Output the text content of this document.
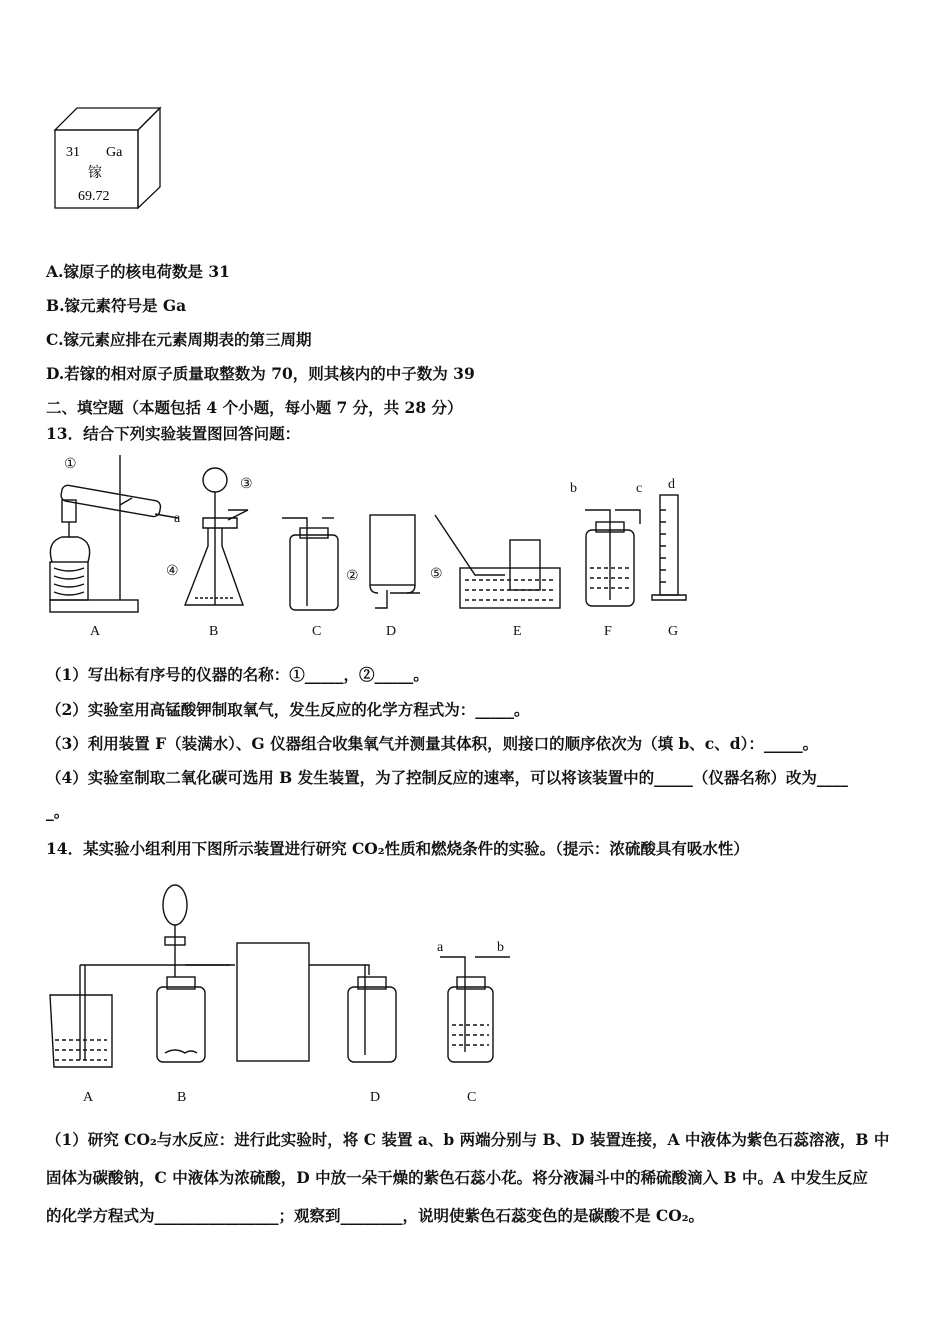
31 Ga
镓
69.72
A.镓原子的核电荷数是 31
B.镓元素符号是 Ga
C.镓元素应排在元素周期表的第三周期
D.若镓的相对原子质量取整数为 70，则其核内的中子数为 39
二、填空题（本题包括 4 个小题，每小题 7 分，共 28 分）
13．结合下列实验装置图回答问题：
①
③
④	②	⑤
a
b	c d
A	B	C	D	E	F	G
（1）写出标有序号的仪器的名称：①_____，②_____。
（2）实验室用高锰酸钾制取氧气，发生反应的化学方程式为：_____。
（3）利用装置 F（装满水）、G 仪器组合收集氧气并测量其体积，则接口的顺序依次为（填 b、c、d）：_____。
（4）实验室制取二氧化碳可选用 B 发生装置，为了控制反应的速率，可以将该装置中的_____（仪器名称）改为____
_。
14．某实验小组利用下图所示装置进行研究 CO₂性质和燃烧条件的实验。（提示：浓硫酸具有吸水性）
a	b
A	B	D	C
（1）研究 CO₂与水反应：进行此实验时，将 C 装置 a、b 两端分别与 B、D 装置连接，A 中液体为紫色石蕊溶液，B 中
固体为碳酸钠，C 中液体为浓硫酸，D 中放一朵干燥的紫色石蕊小花。将分液漏斗中的稀硫酸滴入 B 中。A 中发生反应
的化学方程式为________________；观察到________，说明使紫色石蕊变色的是碳酸不是 CO₂。
